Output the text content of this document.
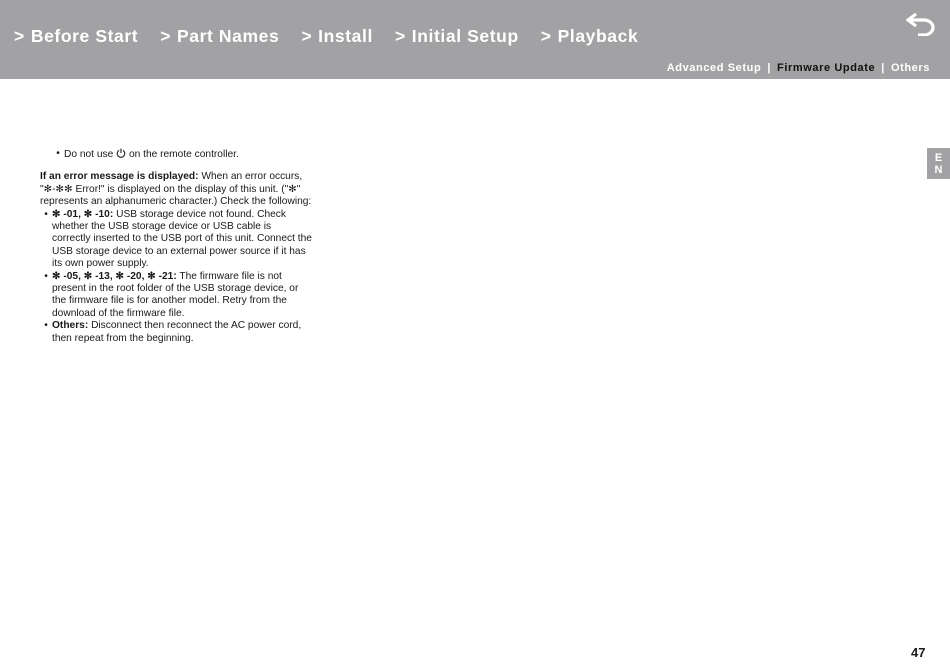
> Before Start > Part Names > Install > Initial Setup > Playback
Advanced Setup | Firmware Update | Others
E
N

• Do not use on the remote controller.

If an error message is displayed: When an error occurs, "✻-✻✻ Error!" is displayed on the display of this unit. ("✻" represents an alphanumeric character.) Check the following:

• ✻ -01, ✻ -10: USB storage device not found. Check whether the USB storage device or USB cable is correctly inserted to the USB port of this unit. Connect the USB storage device to an external power source if it has its own power supply.
• ✻ -05, ✻ -13, ✻ -20, ✻ -21: The firmware file is not present in the root folder of the USB storage device, or the firmware file is for another model. Retry from the download of the firmware file.
• Others: Disconnect then reconnect the AC power cord, then repeat from the beginning.
47
